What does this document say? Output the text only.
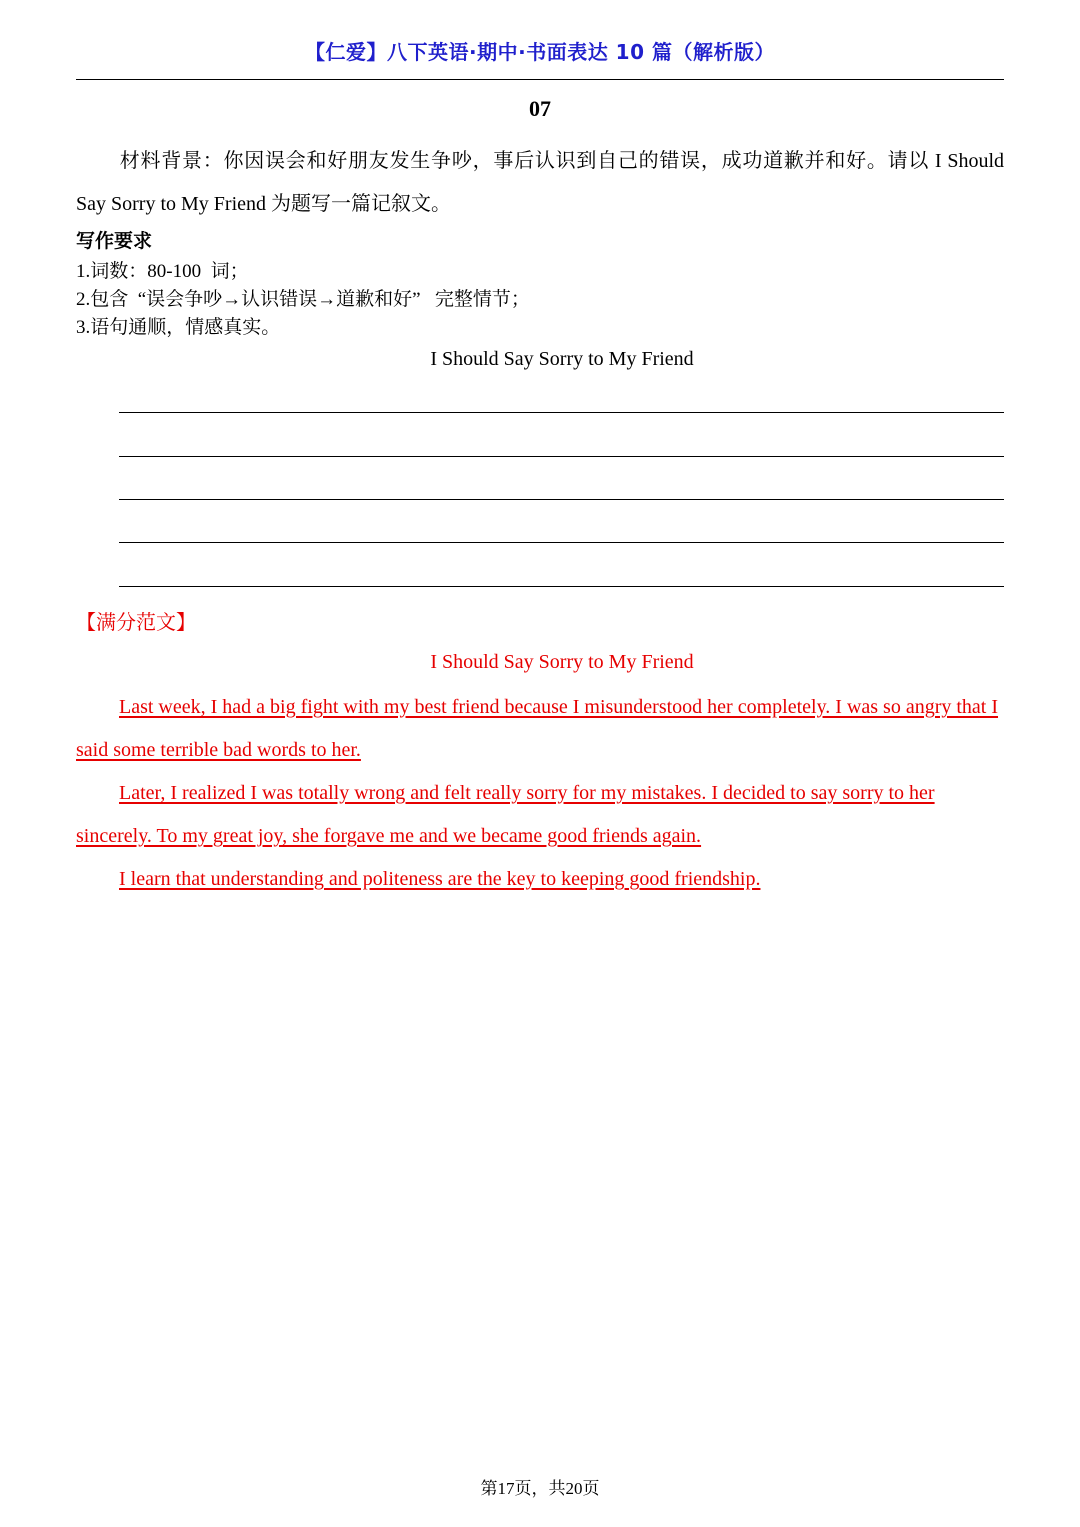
【仁爱】八下英语·期中·书面表达 10 篇（解析版）
07
材料背景：你因误会和好朋友发生争吵，事后认识到自己的错误，成功道歉并和好。请以 I Should Say Sorry to My Friend 为题写一篇记叙文。
写作要求
1.词数：80-100  词；
2.包含  “误会争吵→认识错误→道歉和好”   完整情节；
3.语句通顺，情感真实。
I Should Say Sorry to My Friend
【满分范文】
I Should Say Sorry to My Friend
Last week, I had a big fight with my best friend because I misunderstood her completely. I was so angry that I said some terrible bad words to her.
Later, I realized I was totally wrong and felt really sorry for my mistakes. I decided to say sorry to her sincerely. To my great joy, she forgave me and we became good friends again.
I learn that understanding and politeness are the key to keeping good friendship.
第17页，共20页
